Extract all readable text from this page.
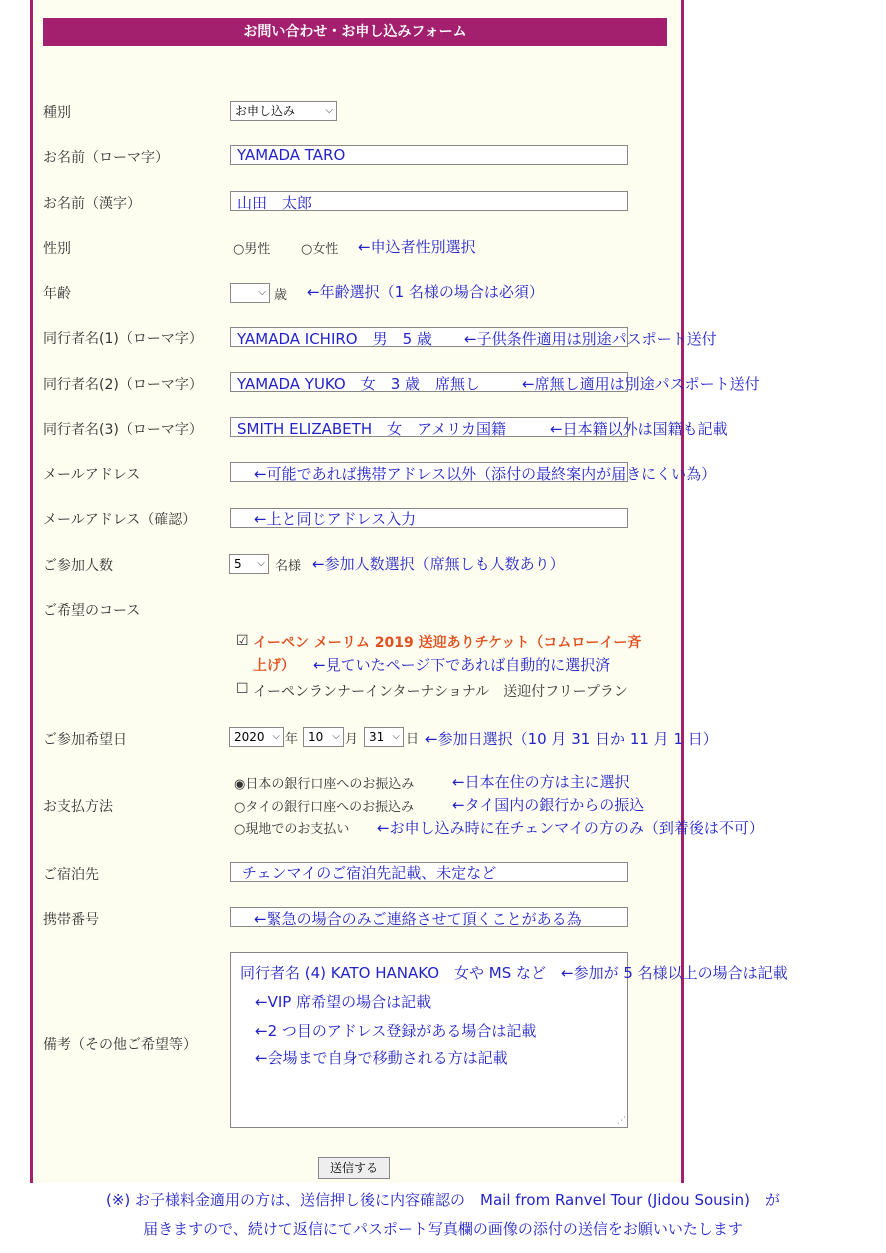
お問い合わせ・お申し込みフォーム
種別	お申し込み	⌵
お名前（ローマ字）	YAMADA TARO
お名前（漢字）	山田　太郎
性別	○男性 ○女性 ←申込者性別選択
年齢	⌵ 歳 ←年齢選択（1 名様の場合は必須）
同行者名(1)（ローマ字） YAMADA ICHIRO　男　5 歳 ←子供条件適用は別途パスポート送付
同行者名(2)（ローマ字） YAMADA YUKO　女　3 歳　席無し	←席無し適用は別途パスポート送付
同行者名(3)（ローマ字） SMITH ELIZABETH　女　アメリカ国籍	←日本籍以外は国籍も記載
メールアドレス	←可能であれば携帯アドレス以外（添付の最終案内が届きにくい為）
メールアドレス（確認）	←上と同じアドレス入力
ご参加人数	5 ⌵ 名様 ←参加人数選択（席無しも人数あり）
ご希望のコース
☑ イーペン メーリム 2019 送迎ありチケット（コムローイー斉
上げ） ←見ていたページ下であれば自動的に選択済
☐ イーペンランナーインターナショナル　送迎付フリープラン
ご参加希望日	2020 ⌵ 年 10 ⌵ 月 31 ⌵ 日 ←参加日選択（10 月 31 日か 11 月 1 日）
お支払方法
◉日本の銀行口座へのお振込み	←日本在住の方は主に選択
○タイの銀行口座へのお振込み	←タイ国内の銀行からの振込
○現地でのお支払い ←お申し込み時に在チェンマイの方のみ（到着後は不可）
ご宿泊先	チェンマイのご宿泊先記載、未定など
携帯番号	←緊急の場合のみご連絡させて頂くことがある為
備考（その他ご希望等）
同行者名 (4) KATO HANAKO　女や MS など　←参加が 5 名様以上の場合は記載
←VIP 席希望の場合は記載
←2 つ目のアドレス登録がある場合は記載
←会場まで自身で移動される方は記載
⋰
送信する
(※) お子様料金適用の方は、送信押し後に内容確認の　Mail from Ranvel Tour (Jidou Sousin)　が
届きますので、続けて返信にてパスポート写真欄の画像の添付の送信をお願いいたします
